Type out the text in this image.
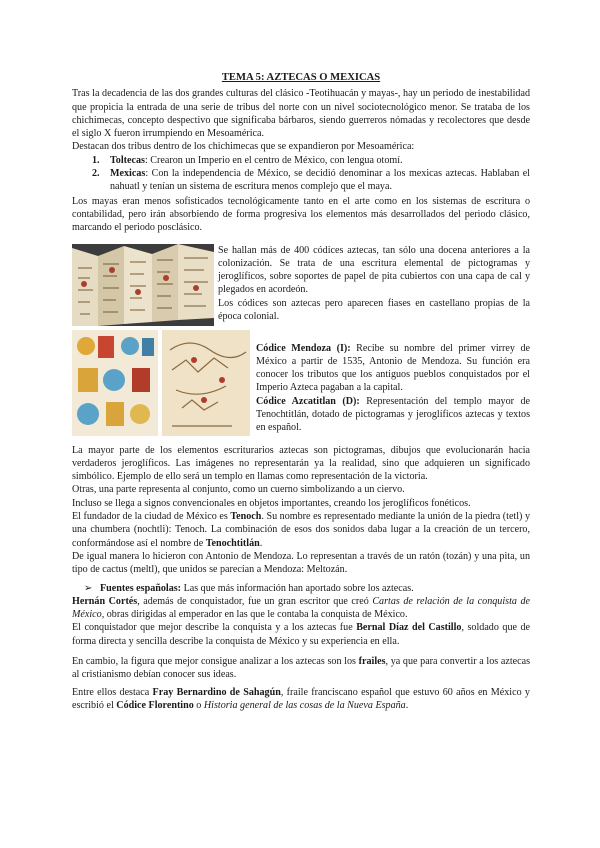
TEMA 5: AZTECAS O MEXICAS

Tras la decadencia de las dos grandes culturas del clásico -Teotihuacán y mayas-, hay un periodo de inestabilidad que propicia la entrada de una serie de tribus del norte con un nivel sociotecnológico menor. Se trataba de los chichimecas, concepto despectivo que significaba bárbaros, siendo guerreros nómadas y recolectores que desde el siglo X fueron irrumpiendo en Mesoamérica.

Destacan dos tribus dentro de los chichimecas que se expandieron por Mesoamérica:

1. Toltecas: Crearon un Imperio en el centro de México, con lengua otomí.
2. Mexicas: Con la independencia de México, se decidió denominar a los mexicas aztecas. Hablaban el nahuatl y tenían un sistema de escritura menos complejo que el maya.

Los mayas eran menos sofisticados tecnológicamente tanto en el arte como en los sistemas de escritura o contabilidad, pero irán absorbiendo de forma progresiva los elementos más desarrollados del periodo clásico, marcando el periodo posclásico.

Se hallan más de 400 códices aztecas, tan sólo una docena anteriores a la colonización. Se trata de una escritura elemental de pictogramas y jeroglíficos, sobre soportes de papel de pita cubiertos con una capa de cal y plegados en acordeón.

Los códices son aztecas pero aparecen fiases en castellano propias de la época colonial.

Códice Mendoza (I): Recibe su nombre del primer virrey de México a partir de 1535, Antonio de Mendoza. Su función era conocer los tributos que los antiguos pueblos conquistados por el Imperio Azteca pagaban a la capital.

Códice Azcatitlan (D): Representación del templo mayor de Tenochtitlán, dotado de pictogramas y jeroglíficos aztecas y textos en español.

La mayor parte de los elementos escriturarios aztecas son pictogramas, dibujos que evolucionarán hacia verdaderos jeroglíficos. Las imágenes no representarán ya la realidad, sino que adquieren un significado simbólico. Ejemplo de ello será un templo en llamas como representación de la victoria.

Otras, una parte representa al conjunto, como un cuerno simbolizando a un ciervo.

Incluso se llega a signos convencionales en objetos importantes, creando los jeroglíficos fonéticos.

El fundador de la ciudad de México es Tenoch. Su nombre es representado mediante la unión de la piedra (tetl) y una chumbera (nochtli): Tenoch. La combinación de esos dos sonidos daba lugar a la creación de un tercero, conformándose así el nombre de Tenochtitlán.

De igual manera lo hicieron con Antonio de Mendoza. Lo representan a través de un ratón (tozán) y una pita, un tipo de cactus (meltl), que unidos se parecían a Mendoza: Meltozán.

➢ Fuentes españolas: Las que más información han aportado sobre los aztecas.

Hernán Cortés, además de conquistador, fue un gran escritor que creó Cartas de relación de la conquista de México, obras dirigidas al emperador en las que le contaba la conquista de México.

El conquistador que mejor describe la conquista y a los aztecas fue Bernal Díaz del Castillo, soldado que de forma directa y sencilla describe la conquista de México y su experiencia en ella.

En cambio, la figura que mejor consigue analizar a los aztecas son los frailes, ya que para convertir a los aztecas al cristianismo debían conocer sus ideas.

Entre ellos destaca Fray Bernardino de Sahagún, fraile franciscano español que estuvo 60 años en México y escribió el Códice Florentino o Historia general de las cosas de la Nueva España.
